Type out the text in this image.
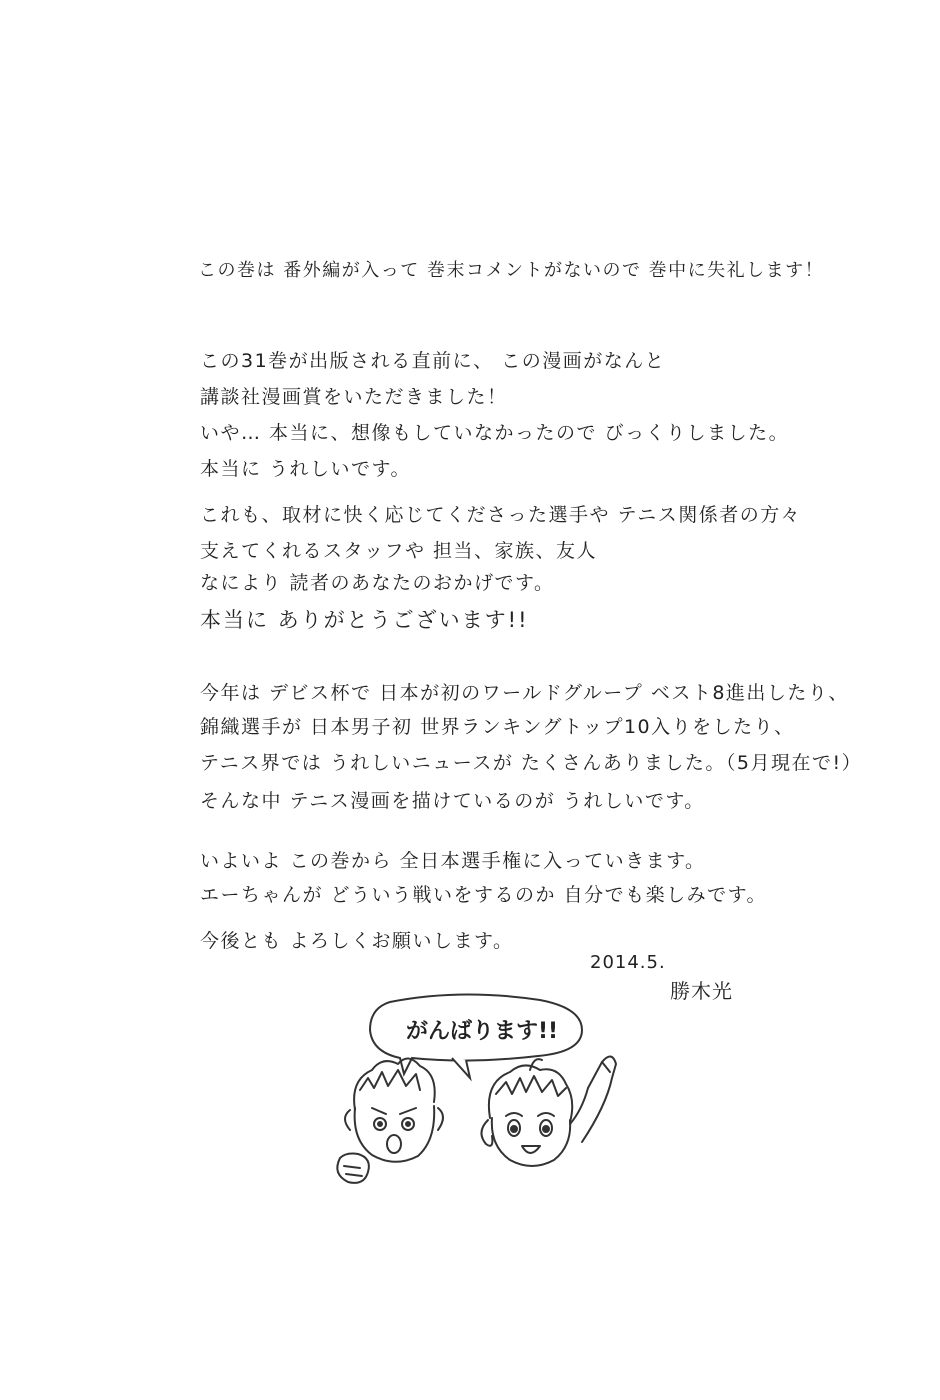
この巻は 番外編が入って 巻末コメントがないので 巻中に失礼します！

この31巻が出版される直前に、 この漫画がなんと

講談社漫画賞をいただきました！

いや… 本当に、想像もしていなかったので びっくりしました。

本当に うれしいです。

これも、取材に快く応じてくださった選手や テニス関係者の方々

支えてくれるスタッフや 担当、家族、友人

なにより 読者のあなたのおかげです。

本当に ありがとうございます!!

今年は デビス杯で 日本が初のワールドグループ ベスト8進出したり、

錦織選手が 日本男子初 世界ランキングトップ10入りをしたり、

テニス界では うれしいニュースが たくさんありました。（5月現在で!）

そんな中 テニス漫画を描けているのが うれしいです。

いよいよ この巻から 全日本選手権に入っていきます。

エーちゃんが どういう戦いをするのか 自分でも楽しみです。

今後とも よろしくお願いします。

2014.5.

勝木光

がんばります!!
